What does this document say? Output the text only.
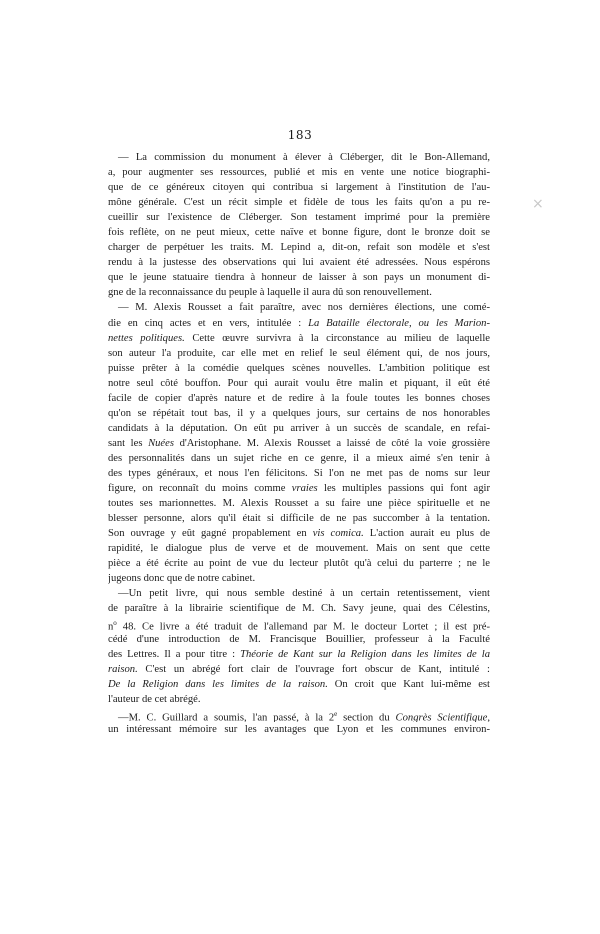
183
×
— La commission du monument à élever à Cléberger, dit le Bon-Allemand,
a, pour augmenter ses ressources, publié et mis en vente une notice biographi-
que de ce généreux citoyen qui contribua si largement à l'institution de l'au-
mône générale. C'est un récit simple et fidèle de tous les faits qu'on a pu re-
cueillir sur l'existence de Cléberger. Son testament imprimé pour la première
fois reflète, on ne peut mieux, cette naïve et bonne figure, dont le bronze doit se
charger de perpétuer les traits. M. Lepind a, dit-on, refait son modèle et s'est
rendu à la justesse des observations qui lui avaient été adressées. Nous espérons
que le jeune statuaire tiendra à honneur de laisser à son pays un monument di-
gne de la reconnaissance du peuple à laquelle il aura dû son renouvellement.
— M. Alexis Rousset a fait paraître, avec nos dernières élections, une comé-
die en cinq actes et en vers, intitulée : La Bataille électorale, ou les Marion-
nettes politiques. Cette œuvre survivra à la circonstance au milieu de laquelle
son auteur l'a produite, car elle met en relief le seul élément qui, de nos jours,
puisse prêter à la comédie quelques scènes nouvelles. L'ambition politique est
notre seul côté bouffon. Pour qui aurait voulu être malin et piquant, il eût été
facile de copier d'après nature et de redire à la foule toutes les bonnes choses
qu'on se répétait tout bas, il y a quelques jours, sur certains de nos honorables
candidats à la députation. On eût pu arriver à un succès de scandale, en refai-
sant les Nuées d'Aristophane. M. Alexis Rousset a laissé de côté la voie grossière
des personnalités dans un sujet riche en ce genre, il a mieux aimé s'en tenir à
des types généraux, et nous l'en félicitons. Si l'on ne met pas de noms sur leur
figure, on reconnaît du moins comme vraies les multiples passions qui font agir
toutes ses marionnettes. M. Alexis Rousset a su faire une pièce spirituelle et ne
blesser personne, alors qu'il était si difficile de ne pas succomber à la tentation.
Son ouvrage y eût gagné propablement en vis comica. L'action aurait eu plus de
rapidité, le dialogue plus de verve et de mouvement. Mais on sent que cette
pièce a été écrite au point de vue du lecteur plutôt qu'à celui du parterre ; ne le
jugeons donc que de notre cabinet.
—Un petit livre, qui nous semble destiné à un certain retentissement, vient
de paraître à la librairie scientifique de M. Ch. Savy jeune, quai des Célestins,
$n^o$ 48. Ce livre a été traduit de l'allemand par M. le docteur Lortet ; il est pré-
cédé d'une introduction de M. Francisque Bouillier, professeur à la Faculté
des Lettres. Il a pour titre : Théorie de Kant sur la Religion dans les limites de la
raison. C'est un abrégé fort clair de l'ouvrage fort obscur de Kant, intitulé :
De la Religion dans les limites de la raison. On croit que Kant lui-même est
l'auteur de cet abrégé.
—M. C. Guillard a soumis, l'an passé, à la 2e section du Congrès Scientifique,
un intéressant mémoire sur les avantages que Lyon et les communes environ-
